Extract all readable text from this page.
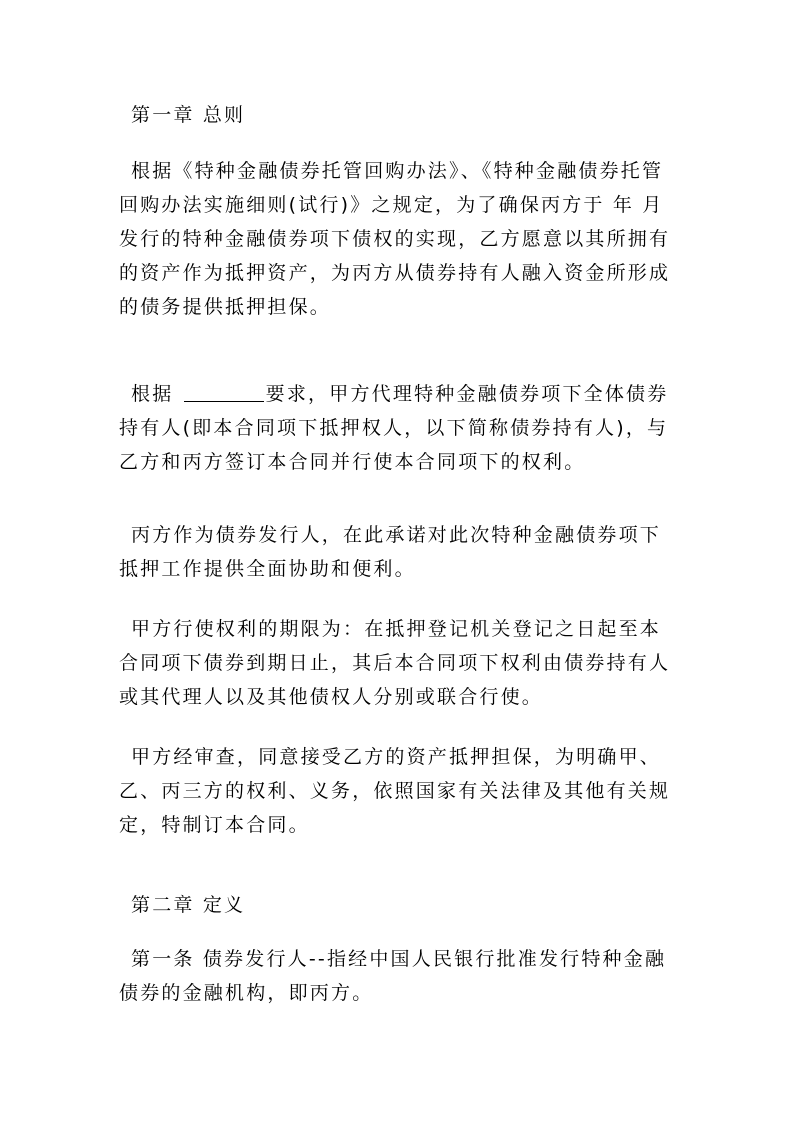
第一章 总则
根据《特种金融债券托管回购办法》、《特种金融债券托管
回购办法实施细则(试行)》之规定，为了确保丙方于 年 月
发行的特种金融债券项下债权的实现，乙方愿意以其所拥有
的资产作为抵押资产，为丙方从债券持有人融入资金所形成
的债务提供抵押担保。
根据	要求，甲方代理特种金融债券项下全体债券
持有人(即本合同项下抵押权人，以下简称债券持有人)，与
乙方和丙方签订本合同并行使本合同项下的权利。
丙方作为债券发行人，在此承诺对此次特种金融债券项下
抵押工作提供全面协助和便利。
甲方行使权利的期限为：在抵押登记机关登记之日起至本
合同项下债券到期日止，其后本合同项下权利由债券持有人
或其代理人以及其他债权人分别或联合行使。
甲方经审查，同意接受乙方的资产抵押担保，为明确甲、
乙、丙三方的权利、义务，依照国家有关法律及其他有关规
定，特制订本合同。
第二章 定义
第一条 债券发行人--指经中国人民银行批准发行特种金融
债券的金融机构，即丙方。
